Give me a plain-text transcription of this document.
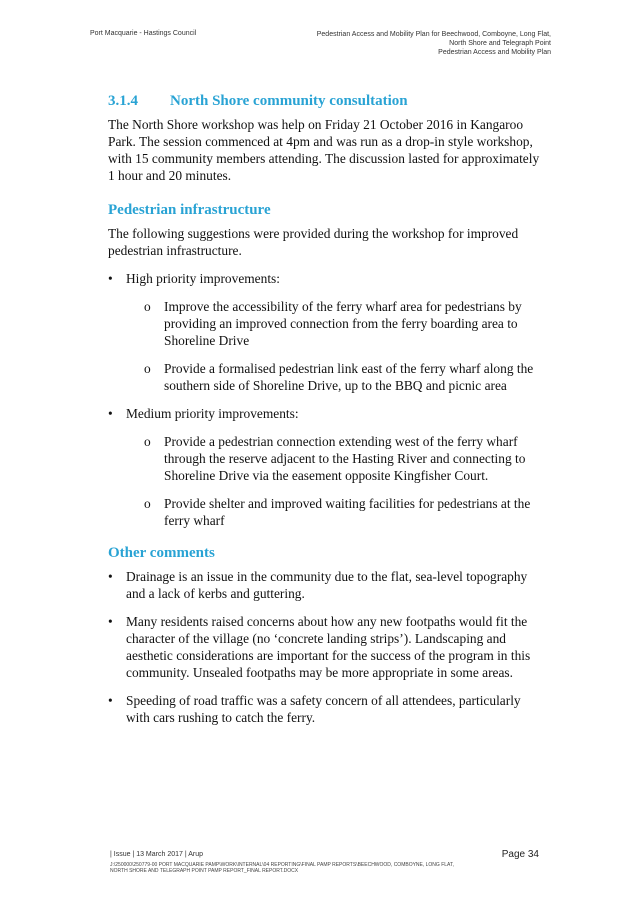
Port Macquarie - Hastings Council	Pedestrian Access and Mobility Plan for Beechwood, Comboyne, Long Flat,
North Shore and Telegraph Point
Pedestrian Access and Mobility Plan
3.1.4 North Shore community consultation

The North Shore workshop was help on Friday 21 October 2016 in Kangaroo Park. The session commenced at 4pm and was run as a drop-in style workshop, with 15 community members attending. The discussion lasted for approximately 1 hour and 20 minutes.

Pedestrian infrastructure

The following suggestions were provided during the workshop for improved pedestrian infrastructure.

• High priority improvements:
o Improve the accessibility of the ferry wharf area for pedestrians by providing an improved connection from the ferry boarding area to Shoreline Drive
o Provide a formalised pedestrian link east of the ferry wharf along the southern side of Shoreline Drive, up to the BBQ and picnic area
• Medium priority improvements:
o Provide a pedestrian connection extending west of the ferry wharf through the reserve adjacent to the Hasting River and connecting to Shoreline Drive via the easement opposite Kingfisher Court.
o Provide shelter and improved waiting facilities for pedestrians at the ferry wharf
Other comments
• Drainage is an issue in the community due to the flat, sea-level topography and a lack of kerbs and guttering.
• Many residents raised concerns about how any new footpaths would fit the character of the village (no ‘concrete landing strips’). Landscaping and aesthetic considerations are important for the success of the program in this community. Unsealed footpaths may be more appropriate in some areas.
• Speeding of road traffic was a safety concern of all attendees, particularly with cars rushing to catch the ferry.
| Issue | 13 March 2017 | Arup	Page 34
J:\250000\250779-00 PORT MACQUARIE PAMP\WORK\INTERNAL\04 REPORTING\FINAL PAMP REPORTS\BEECHWOOD, COMBOYNE, LONG FLAT, NORTH SHORE AND TELEGRAPH POINT PAMP REPORT_FINAL REPORT.DOCX
